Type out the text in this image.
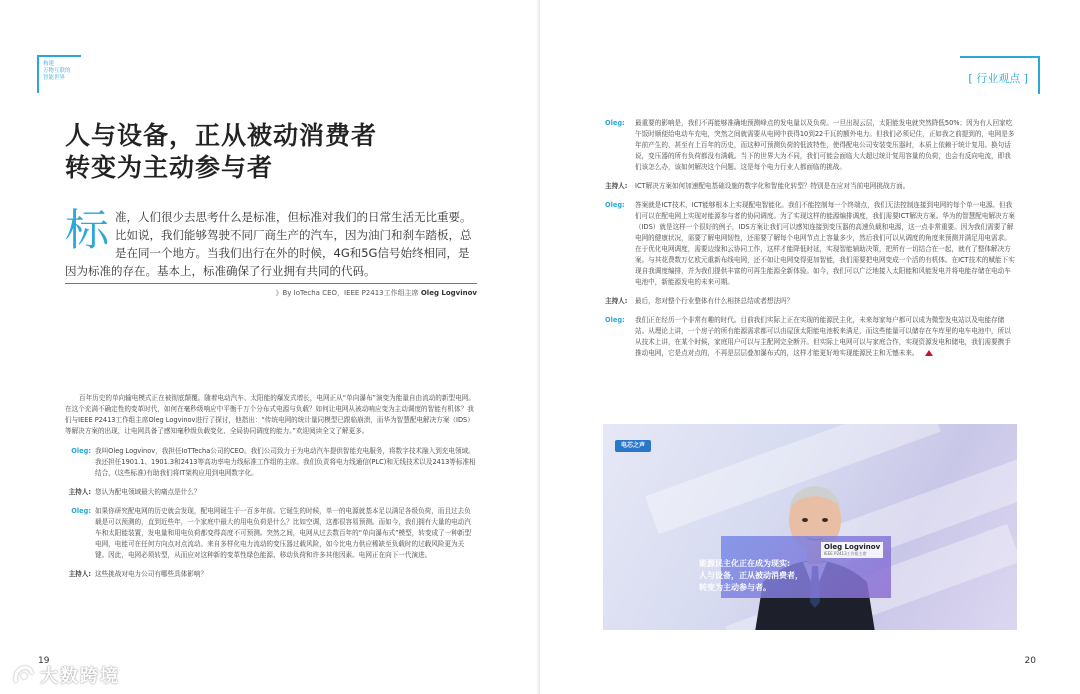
构建
万物互联的
智能世界
人与设备，正从被动消费者
转变为主动参与者
标 准，人们很少去思考什么是标准，但标准对我们的日常生活无比重要。比如说，我们能够驾驶不同厂商生产的汽车，因为油门和刹车踏板，总是在同一个地方。当我们出行在外的时候，4G和5G信号始终相同，是因为标准的存在。基本上，标准确保了行业拥有共同的代码。
》By IoTecha CEO，IEEE P2413工作组主席 Oleg Logvinov
百年历史的单向输电模式正在被彻底颠覆。随着电动汽车、太阳能的爆发式增长，电网正从“单向瀑布”演变为能量自由流动的新型电网。在这个充满不确定性的变革时代，如何在毫秒级响应中平衡千万个分布式电源与负载？如何让电网从被动响应变为主动调度的智能有机体？我们与IEEE P2413工作组主席Oleg Logvinov进行了探讨，他指出：“传统电网的统计量同模型已跟临崩溃，而华为智慧配电解决方案（IDS）等解决方案的出现，让电网具备了感知毫秒级负载变化、全局协同调度的能力。”欢迎阅读全文了解更多。
Oleg: 我叫Oleg Logvinov，我担任IoTTecha公司的CEO。我们公司致力于为电动汽车提供智能充电服务，将数字技术融入到充电领域。我还担任1901.1、1901.3和2413等高功率电力线标准工作组的主席。我们负责将电力线通信(PLC)和无线技术以及2413等标准相结合，(这些标准)有助我们将IT架构应用到电网数字化。
主持人: 您认为配电领域最大的痛点是什么？
Oleg: 如果你研究配电网的历史就会发现，配电网诞生于一百多年前。它诞生的时候，单一的电源就基本足以满足各级负荷，而且过去负载是可以预测的，直到近些年，一个家庭中最大的用电负荷是什么？比如空调，这都很容易预测。而如今，我们拥有大量的电动汽车和太阳能装置，发电量和用电负荷都变得高度不可预测。突然之间，电网从过去数百年的“单向瀑布式”模型，转变成了一种新型电网，电能可在任何方向点对点流动。来自多样化电力流动的变压器过载风险，如今比电力供应稀缺至负载时的过载风险更为关键。因此，电网必须转型，从而应对这种新的变革性绿色能源、移动负荷和许多其他因素。电网正在向下一代演进。
主持人: 这些挑战对电力公司有哪些具体影响？
19
[ 行业观点 ]
Oleg:	最重要的影响是，我们不再能够准确地预测峰点的发电量以及负荷。一旦出现云层，太阳能发电就突然降低50%；因为有人回家吃午饭时顺便给电动车充电，突然之间就需要从电网中获得10到22千瓦的额外电力。但我们必须记住，正如我之前提到的，电网是多年前产生的，甚至有上百年的历史，而这种可预测负荷的低波特性，使得配电公司安装变压器时，本质上依赖于统计复用。换句话说，变压器的所有负荷都没有满载。当下的世界大为不同，我们可能会面临大大超过统计复用容量的负荷，也会有反向电流，即我们该怎么办，该如何解决这个问题。这是每个电力行业人都面临的挑战。
主持人:	ICT解决方案如何加速配电基础设施的数字化和智能化转型？特别是在应对当前电网挑战方面。
Oleg:	答案就是ICT技术，ICT能够根本上实现配电智能化。我们不能控制每一个终端点，我们无法控制连接到电网的每个单一电源。但我们可以在配电网上实现对能源参与者的协同调度。为了实现这样的能源编排调度，我们需要ICT解决方案。华为的智慧配电解决方案（IDS）就是这样一个很好的例子，IDS方案让我们可以感知连接到变压器的高速负载和电源，这一点非常重要。因为我们需要了解电网的健康状况，需要了解电网韧性，还需要了解每个电网节点上容量多少，然后我们可以从调度的角度来预测并满足用电需求。在于优化电网调度，需要边缘和云协同工作，这样才能降低时延，实现智能辅助决策，把所有一切结合在一起，就有了整体解决方案。与其花费数万亿欧元重新布线电网，还不如让电网变得更加智能，我们需要把电网变成一个活的有机体。在ICT技术的赋能下实现自我调度编排，并为我们提供丰富的可再生能源全新体验。如今，我们可以广泛地接入太阳能和风能发电并将电能存储在电动车电池中，新能源发电的未来可期。
主持人:	最后，您对整个行业整体有什么相挤总结或者想法吗？
Oleg:	我们正在经历一个非常有趣的时代。目前我们实际上正在实现的能源民主化，未来每家每户都可以成为微型发电站以及电能存储站。从理论上讲，一个房子的所有能源需求都可以由屋顶太阳能电池板来满足，而这些能量可以储存在车库里的电车电池中，所以从技术上讲，在某个时候，家庭用户可以与主配网完全断开。但实际上电网可以与家庭合作，实现资源发电和储电，我们需要携手推动电网，它是点对点的，不再是层层叠加瀑布式的，这样才能更好地实现能源民主和无憾未来。
电芯之声
Oleg Logvinov
IEEE P2413工作组主席
能源民主化正在成为现实:
人与设备，正从被动消费者，
转变为主动参与者。
20
大数跨境
